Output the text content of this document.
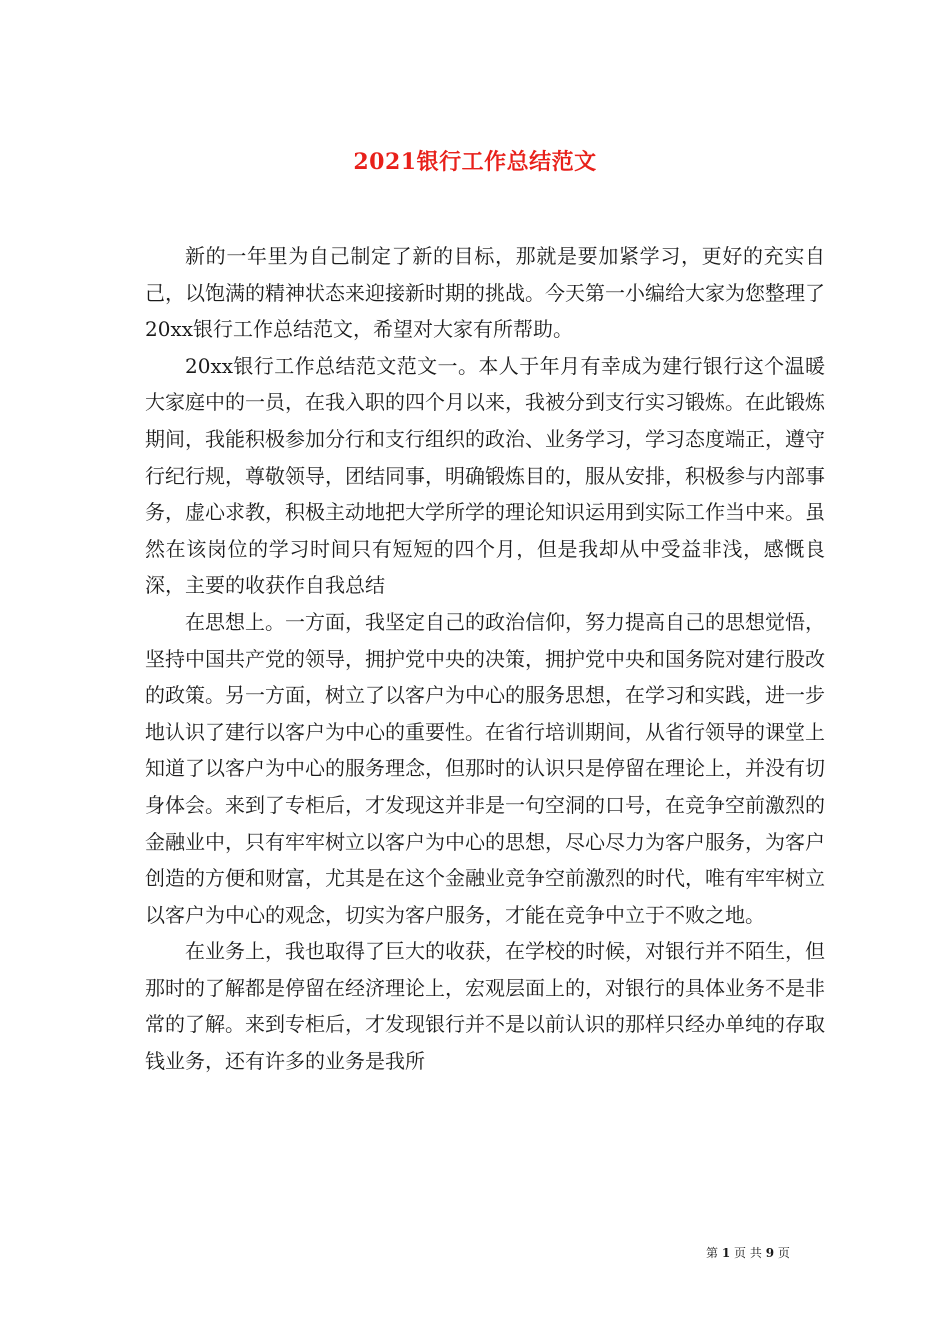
2021银行工作总结范文

新的一年里为自己制定了新的目标，那就是要加紧学习，更好的充实自己，以饱满的精神状态来迎接新时期的挑战。今天第一小编给大家为您整理了20xx银行工作总结范文，希望对大家有所帮助。

20xx银行工作总结范文范文一。本人于年月有幸成为建行银行这个温暖大家庭中的一员，在我入职的四个月以来，我被分到支行实习锻炼。在此锻炼期间，我能积极参加分行和支行组织的政治、业务学习，学习态度端正，遵守行纪行规，尊敬领导，团结同事，明确锻炼目的，服从安排，积极参与内部事务，虚心求教，积极主动地把大学所学的理论知识运用到实际工作当中来。虽然在该岗位的学习时间只有短短的四个月，但是我却从中受益非浅，感慨良深，主要的收获作自我总结

在思想上。一方面，我坚定自己的政治信仰，努力提高自己的思想觉悟，坚持中国共产党的领导，拥护党中央的决策，拥护党中央和国务院对建行股改的政策。另一方面，树立了以客户为中心的服务思想，在学习和实践，进一步地认识了建行以客户为中心的重要性。在省行培训期间，从省行领导的课堂上知道了以客户为中心的服务理念，但那时的认识只是停留在理论上，并没有切身体会。来到了专柜后，才发现这并非是一句空洞的口号，在竞争空前激烈的金融业中，只有牢牢树立以客户为中心的思想，尽心尽力为客户服务，为客户创造的方便和财富，尤其是在这个金融业竞争空前激烈的时代，唯有牢牢树立以客户为中心的观念，切实为客户服务，才能在竞争中立于不败之地。

在业务上，我也取得了巨大的收获，在学校的时候，对银行并不陌生，但那时的了解都是停留在经济理论上，宏观层面上的，对银行的具体业务不是非常的了解。来到专柜后，才发现银行并不是以前认识的那样只经办单纯的存取钱业务，还有许多的业务是我所

第 1 页 共 9 页
